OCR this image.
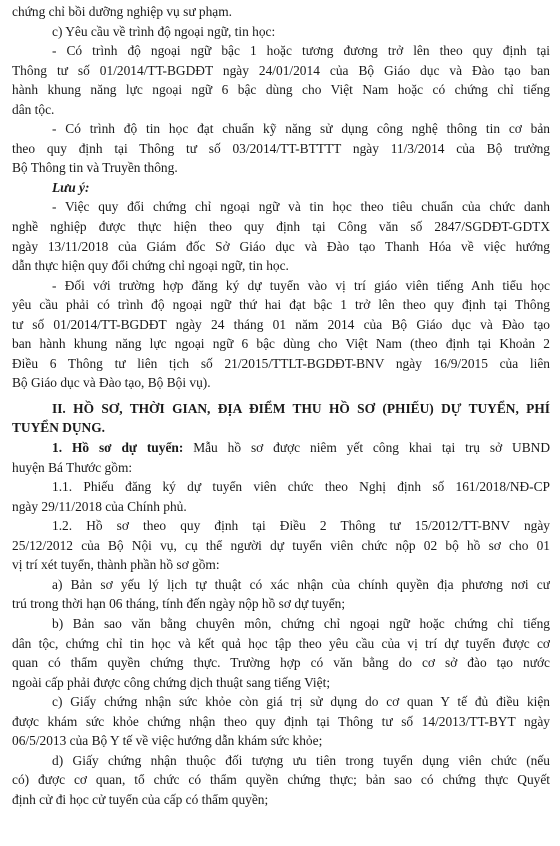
chứng chỉ bồi dưỡng nghiệp vụ sư phạm.
c) Yêu cầu về trình độ ngoại ngữ, tin học:
- Có trình độ ngoại ngữ bậc 1 hoặc tương đương trở lên theo quy định tại
Thông tư số 01/2014/TT-BGDĐT ngày 24/01/2014 của Bộ Giáo dục và Đào tạo ban
hành khung năng lực ngoại ngữ 6 bậc dùng cho Việt Nam hoặc có chứng chỉ tiếng
dân tộc.
- Có trình độ tin học đạt chuẩn kỹ năng sử dụng công nghệ thông tin cơ bản
theo quy định tại Thông tư số 03/2014/TT-BTTTT ngày 11/3/2014 của Bộ trưởng
Bộ Thông tin và Truyền thông.
Lưu ý:
- Việc quy đổi chứng chỉ ngoại ngữ và tin học theo tiêu chuẩn của chức danh
nghề nghiệp được thực hiện theo quy định tại Công văn số 2847/SGDĐT-GDTX
ngày 13/11/2018 của Giám đốc Sở Giáo dục và Đào tạo Thanh Hóa về việc hướng
dẫn thực hiện quy đổi chứng chỉ ngoại ngữ, tin học.
- Đối với trường hợp đăng ký dự tuyển vào vị trí giáo viên tiếng Anh tiểu học
yêu cầu phải có trình độ ngoại ngữ thứ hai đạt bậc 1 trở lên theo quy định tại Thông
tư số 01/2014/TT-BGDĐT ngày 24 tháng 01 năm 2014 của Bộ Giáo dục và Đào tạo
ban hành khung năng lực ngoại ngữ 6 bậc dùng cho Việt Nam (theo định tại Khoản 2
Điều 6 Thông tư liên tịch số 21/2015/TTLT-BGDĐT-BNV ngày 16/9/2015 của liên
Bộ Giáo dục và Đào tạo, Bộ Bội vụ).
II. HỒ SƠ, THỜI GIAN, ĐỊA ĐIỂM THU HỒ SƠ (PHIẾU) DỰ TUYỂN, PHÍ
TUYỂN DỤNG.
1. Hồ sơ dự tuyển: Mẫu hồ sơ được niêm yết công khai tại trụ sở UBND
huyện Bá Thước gồm:
1.1. Phiếu đăng ký dự tuyển viên chức theo Nghị định số 161/2018/NĐ-CP
ngày 29/11/2018 của Chính phủ.
1.2. Hồ sơ theo quy định tại Điều 2 Thông tư 15/2012/TT-BNV ngày
25/12/2012 của Bộ Nội vụ, cụ thể người dự tuyển viên chức nộp 02 bộ hồ sơ cho 01
vị trí xét tuyển, thành phần hồ sơ gồm:
a) Bản sơ yếu lý lịch tự thuật có xác nhận của chính quyền địa phương nơi cư
trú trong thời hạn 06 tháng, tính đến ngày nộp hồ sơ dự tuyển;
b) Bản sao văn bằng chuyên môn, chứng chỉ ngoại ngữ hoặc chứng chỉ tiếng
dân tộc, chứng chỉ tin học và kết quả học tập theo yêu cầu của vị trí dự tuyển được cơ
quan có thẩm quyền chứng thực. Trường hợp có văn bằng do cơ sở đào tạo nước
ngoài cấp phải được công chứng dịch thuật sang tiếng Việt;
c) Giấy chứng nhận sức khỏe còn giá trị sử dụng do cơ quan Y tế đủ điều kiện
được khám sức khỏe chứng nhận theo quy định tại Thông tư số 14/2013/TT-BYT ngày
06/5/2013 của Bộ Y tế về việc hướng dẫn khám sức khỏe;
d) Giấy chứng nhận thuộc đối tượng ưu tiên trong tuyển dụng viên chức (nếu
có) được cơ quan, tổ chức có thẩm quyền chứng thực; bản sao có chứng thực Quyết
định cử đi học cử tuyển của cấp có thẩm quyền;
